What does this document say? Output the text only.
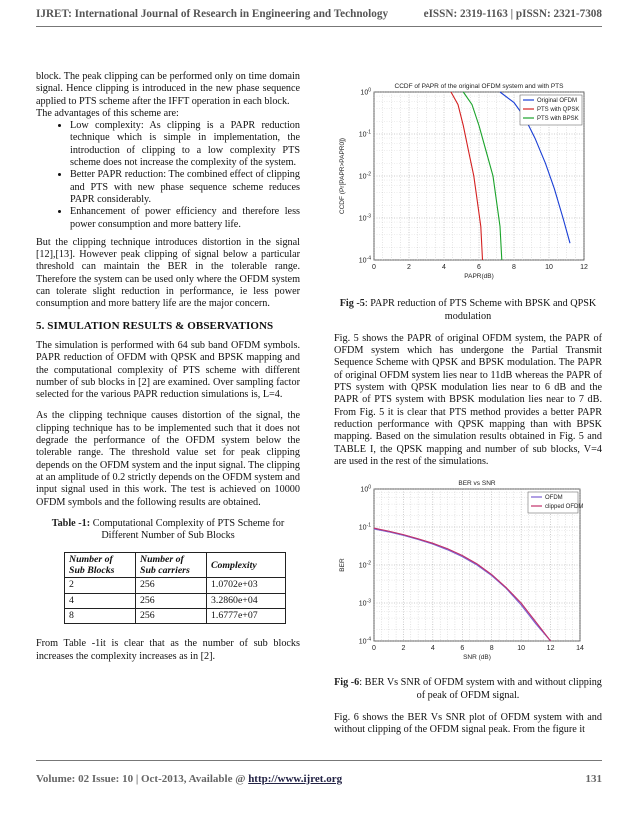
IJRET: International Journal of Research in Engineering and Technology	eISSN: 2319-1163 | pISSN: 2321-7308

block. The peak clipping can be performed only on time domain signal. Hence clipping is introduced in the new phase sequence applied to PTS scheme after the IFFT operation in each block.

The advantages of this scheme are:

• Low complexity: As clipping is a PAPR reduction technique which is simple in implementation, the introduction of clipping to a low complexity PTS scheme does not increase the complexity of the system.
• Better PAPR reduction: The combined effect of clipping and PTS with new phase sequence scheme reduces PAPR considerably.
• Enhancement of power efficiency and therefore less power consumption and more battery life.

But the clipping technique introduces distortion in the signal [12],[13]. However peak clipping of signal below a particular threshold can maintain the BER in the tolerable range. Therefore the system can be used only where the OFDM system can tolerate slight reduction in performance, ie less power consumption and more battery life are the major concern.

5. SIMULATION RESULTS & OBSERVATIONS

The simulation is performed with 64 sub band OFDM symbols. PAPR reduction of OFDM with QPSK and BPSK mapping and the computational complexity of PTS scheme with different number of sub blocks in [2] are examined. Over sampling factor selected for the various PAPR reduction simulations is, L=4.

As the clipping technique causes distortion of the signal, the clipping technique has to be implemented such that it does not degrade the performance of the OFDM system below the tolerable range. The threshold value set for peak clipping depends on the OFDM system and the input signal. The clipping at an amplitude of 0.2 strictly depends on the OFDM system and input signal used in this work. The test is achieved on 10000 OFDM symbols and the following results are obtained.

Table -1: Computational Complexity of PTS Scheme for Different Number of Sub Blocks
Number of Sub Blocks	Number of Sub carriers	Complexity
2	256	1.0702e+03
4	256	3.2860e+04
8	256	1.6777e+07

From Table -1it is clear that as the number of sub blocks increases the complexity increases as in [2].

0	2	4	6	8	10	12
$10^0$
$10^{-1}$
$10^{-2}$
$10^{-3}$
$10^{-4}$
CCDF of PAPR of the original OFDM system and with PTS
PAPR(dB)
CCDF (Pr[PAPR>PAPR0])
Original OFDM
PTS with QPSK
PTS with BPSK
Fig -5: PAPR reduction of PTS Scheme with BPSK and QPSK modulation

Fig. 5 shows the PAPR of original OFDM system, the PAPR of OFDM system which has undergone the Partial Transmit Sequence Scheme with QPSK and BPSK modulation. The PAPR of original OFDM system lies near to 11dB whereas the PAPR of PTS system with QPSK modulation lies near to 6 dB and the PAPR of PTS system with BPSK modulation lies near to 7 dB. From Fig. 5 it is clear that PTS method provides a better PAPR reduction performance with QPSK mapping than with BPSK mapping. Based on the simulation results obtained in Fig. 5 and TABLE I, the QPSK mapping and number of sub blocks, V=4 are used in the rest of the simulations.

0	2	4	6	8	10	12	14
$10^0$
$10^{-1}$
$10^{-2}$
$10^{-3}$
$10^{-4}$
BER vs SNR
SNR (dB)
BER
OFDM
clipped OFDM
Fig -6: BER Vs SNR of OFDM system with and without clipping of peak of OFDM signal.

Fig. 6 shows the BER Vs SNR plot of OFDM system with and without clipping of the OFDM signal peak. From the figure it

Volume: 02 Issue: 10 | Oct-2013, Available @ http://www.ijret.org	131
